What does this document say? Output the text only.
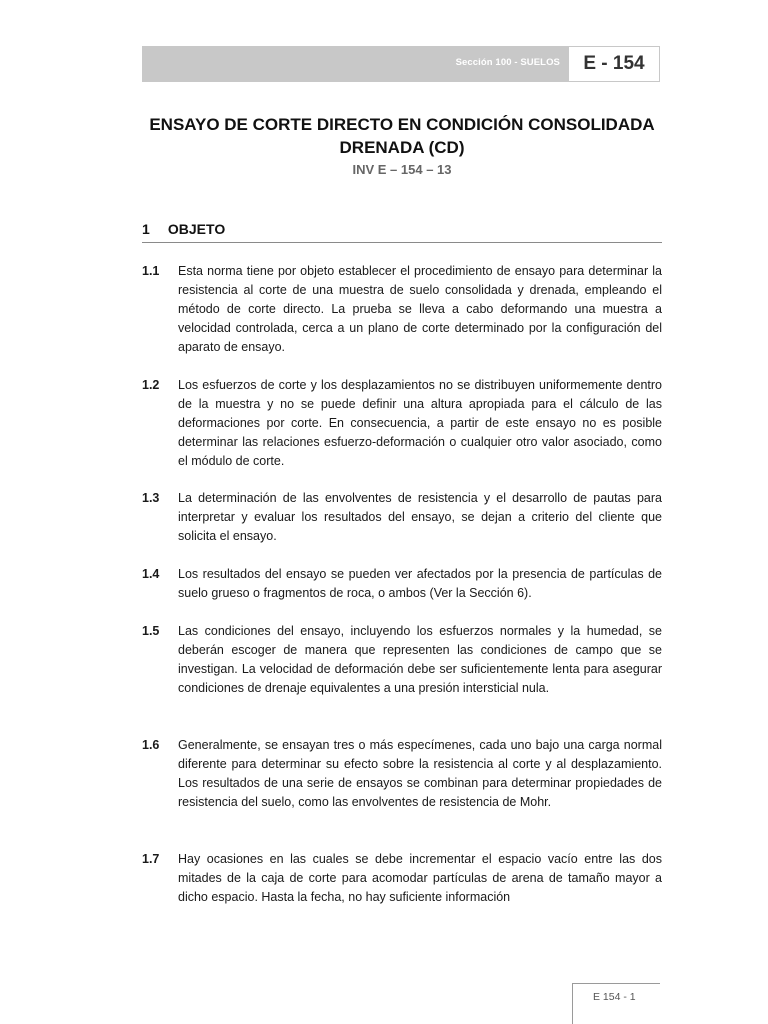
Sección 100 - SUELOS E - 154
ENSAYO DE CORTE DIRECTO EN CONDICIÓN CONSOLIDADA DRENADA (CD)
INV E – 154 – 13
1 OBJETO
1.1 Esta norma tiene por objeto establecer el procedimiento de ensayo para determinar la resistencia al corte de una muestra de suelo consolidada y drenada, empleando el método de corte directo. La prueba se lleva a cabo deformando una muestra a velocidad controlada, cerca a un plano de corte determinado por la configuración del aparato de ensayo.
1.2 Los esfuerzos de corte y los desplazamientos no se distribuyen uniformemente dentro de la muestra y no se puede definir una altura apropiada para el cálculo de las deformaciones por corte. En consecuencia, a partir de este ensayo no es posible determinar las relaciones esfuerzo-deformación o cualquier otro valor asociado, como el módulo de corte.
1.3 La determinación de las envolventes de resistencia y el desarrollo de pautas para interpretar y evaluar los resultados del ensayo, se dejan a criterio del cliente que solicita el ensayo.
1.4 Los resultados del ensayo se pueden ver afectados por la presencia de partículas de suelo grueso o fragmentos de roca, o ambos (Ver la Sección 6).
1.5 Las condiciones del ensayo, incluyendo los esfuerzos normales y la humedad, se deberán escoger de manera que representen las condiciones de campo que se investigan. La velocidad de deformación debe ser suficientemente lenta para asegurar condiciones de drenaje equivalentes a una presión intersticial nula.
1.6 Generalmente, se ensayan tres o más especímenes, cada uno bajo una carga normal diferente para determinar su efecto sobre la resistencia al corte y al desplazamiento. Los resultados de una serie de ensayos se combinan para determinar propiedades de resistencia del suelo, como las envolventes de resistencia de Mohr.
1.7 Hay ocasiones en las cuales se debe incrementar el espacio vacío entre las dos mitades de la caja de corte para acomodar partículas de arena de tamaño mayor a dicho espacio. Hasta la fecha, no hay suficiente información
E 154 - 1
